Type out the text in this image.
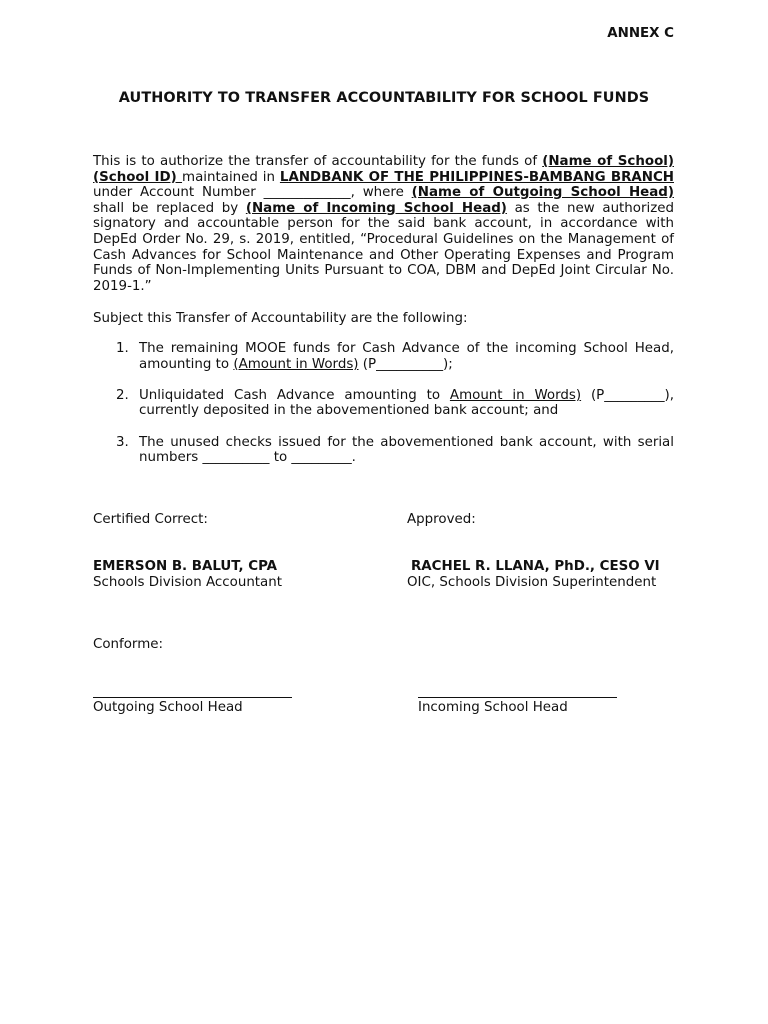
ANNEX C
AUTHORITY TO TRANSFER ACCOUNTABILITY FOR SCHOOL FUNDS
This is to authorize the transfer of accountability for the funds of (Name of School) (School ID) maintained in LANDBANK OF THE PHILIPPINES-BAMBANG BRANCH under Account Number _____________, where (Name of Outgoing School Head) shall be replaced by (Name of Incoming School Head) as the new authorized signatory and accountable person for the said bank account, in accordance with DepEd Order No. 29, s. 2019, entitled, “Procedural Guidelines on the Management of Cash Advances for School Maintenance and Other Operating Expenses and Program Funds of Non-Implementing Units Pursuant to COA, DBM and DepEd Joint Circular No. 2019-1.”
Subject this Transfer of Accountability are the following:
1. The remaining MOOE funds for Cash Advance of the incoming School Head, amounting to (Amount in Words) (P__________);
2. Unliquidated Cash Advance amounting to Amount in Words) (P_________), currently deposited in the abovementioned bank account; and
3. The unused checks issued for the abovementioned bank account, with serial numbers __________ to _________.
Certified Correct:	Approved:
EMERSON B. BALUT, CPA
Schools Division Accountant
RACHEL R. LLANA, PhD., CESO VI
OIC, Schools Division Superintendent
Conforme:
Outgoing School Head	Incoming School Head
